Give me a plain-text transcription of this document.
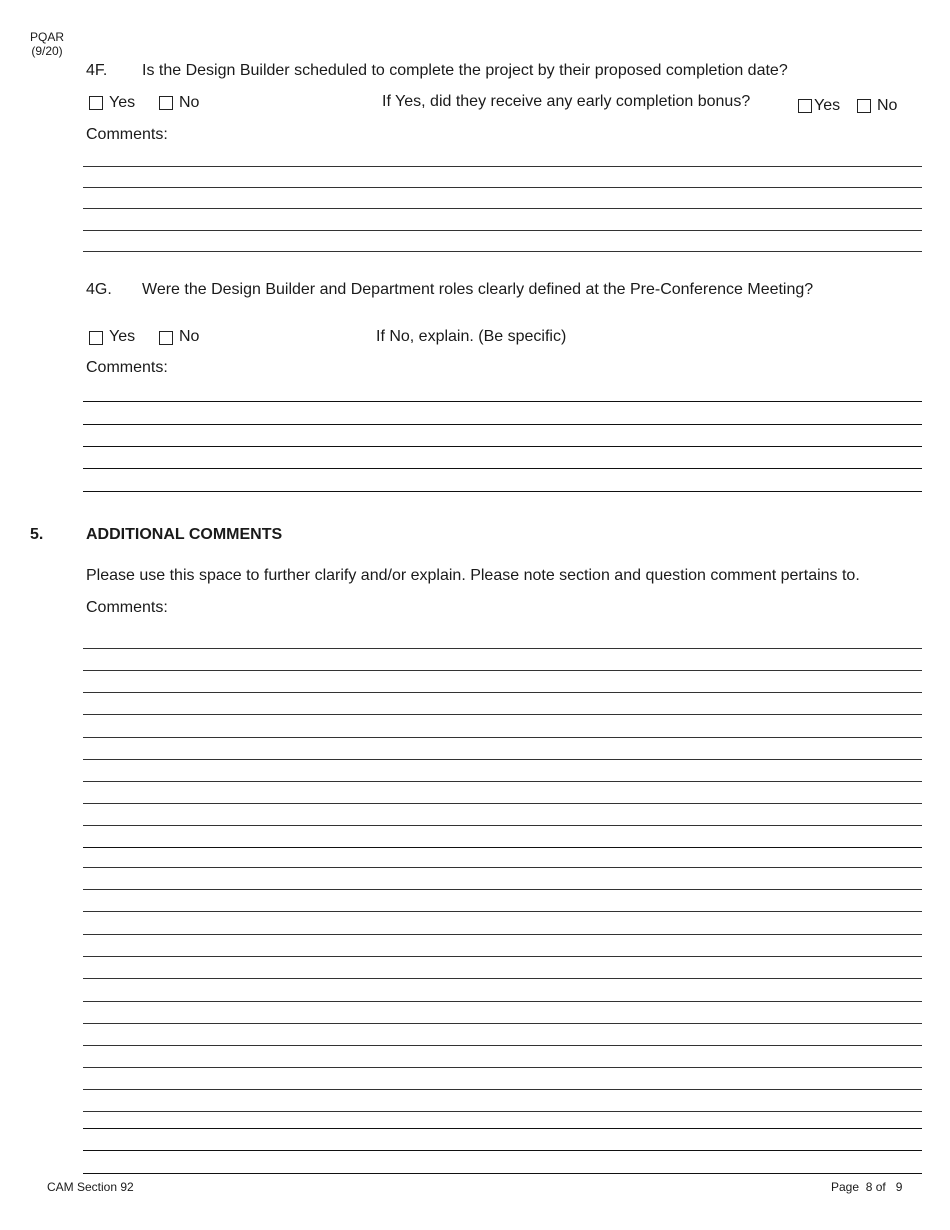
PQAR
(9/20)
4F. Is the Design Builder scheduled to complete the project by their proposed completion date?
Yes	No	If Yes, did they receive any early completion bonus?	Yes No
Comments:
4G. Were the Design Builder and Department roles clearly defined at the Pre-Conference Meeting?
Yes	No	If No, explain. (Be specific)
Comments:
5.	ADDITIONAL COMMENTS
Please use this space to further clarify and/or explain. Please note section and question comment pertains to.
Comments:
CAM Section 92	Page  8 of   9
